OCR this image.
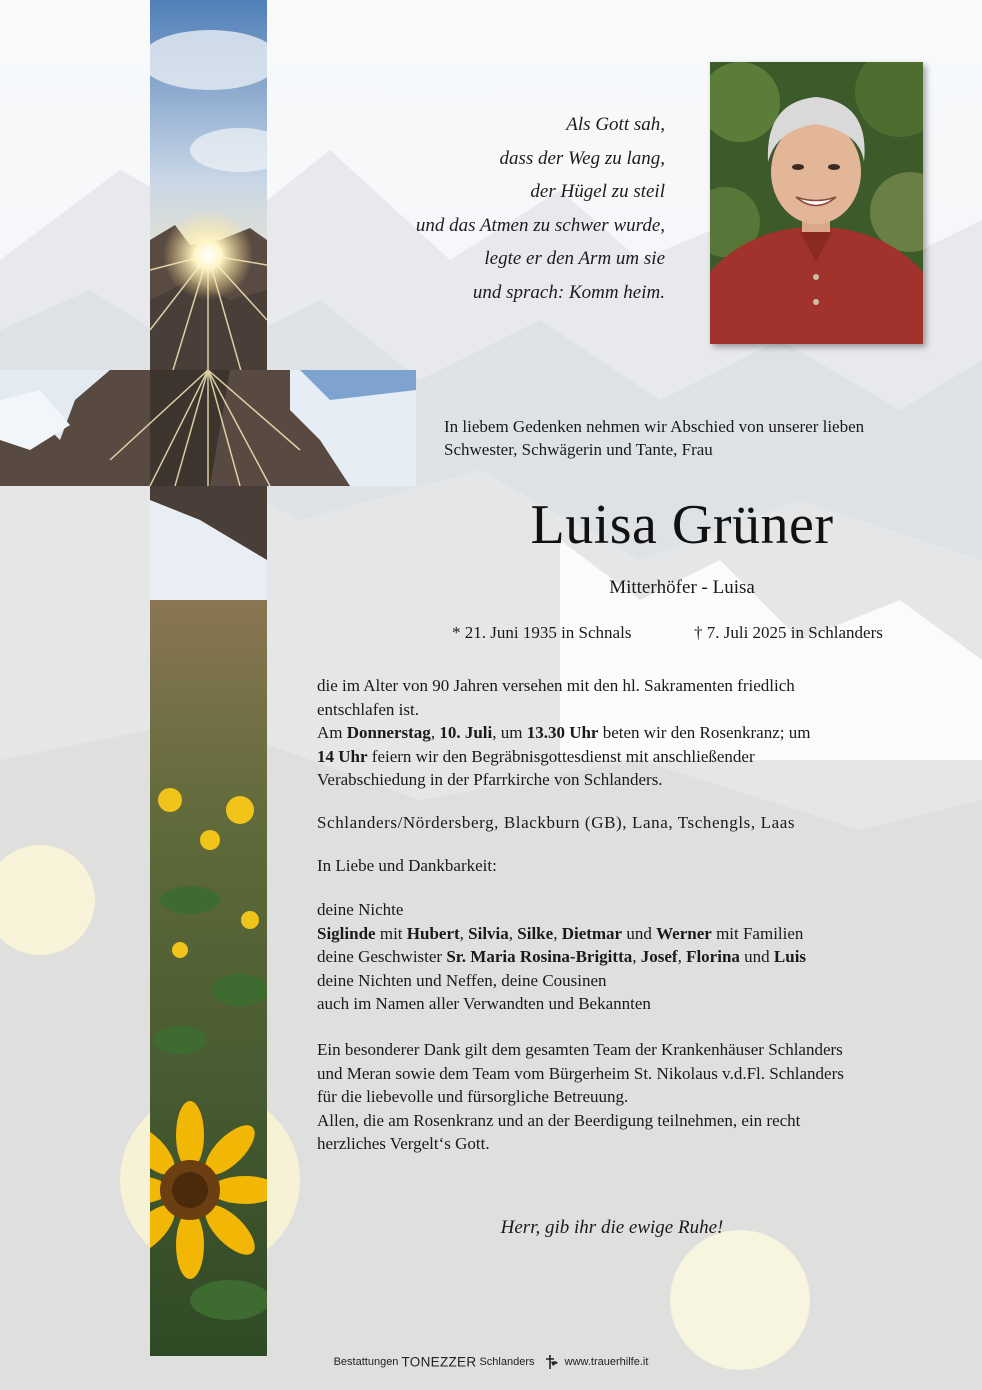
Als Gott sah,
dass der Weg zu lang,
der Hügel zu steil
und das Atmen zu schwer wurde,
legte er den Arm um sie
und sprach: Komm heim.
In liebem Gedenken nehmen wir Abschied von unserer lieben
Schwester, Schwägerin und Tante, Frau
Luisa Grüner
Mitterhöfer - Luisa
* 21. Juni 1935 in Schnals	† 7. Juli 2025 in Schlanders
die im Alter von 90 Jahren versehen mit den hl. Sakramenten friedlich
entschlafen ist.
Am Donnerstag, 10. Juli, um 13.30 Uhr beten wir den Rosenkranz; um
14 Uhr feiern wir den Begräbnisgottesdienst mit anschließender
Verabschiedung in der Pfarrkirche von Schlanders.
Schlanders/Nördersberg, Blackburn (GB), Lana, Tschengls, Laas
In Liebe und Dankbarkeit:
deine Nichte
Siglinde mit Hubert, Silvia, Silke, Dietmar und Werner mit Familien
deine Geschwister Sr. Maria Rosina-Brigitta, Josef, Florina und Luis
deine Nichten und Neffen, deine Cousinen
auch im Namen aller Verwandten und Bekannten
Ein besonderer Dank gilt dem gesamten Team der Krankenhäuser Schlanders
und Meran sowie dem Team vom Bürgerheim St. Nikolaus v.d.Fl. Schlanders
für die liebevolle und fürsorgliche Betreuung.
Allen, die am Rosenkranz und an der Beerdigung teilnehmen, ein recht
herzliches Vergelt‘s Gott.
Herr, gib ihr die ewige Ruhe!
Bestattungen TONEZZER Schlanders	www.trauerhilfe.it
